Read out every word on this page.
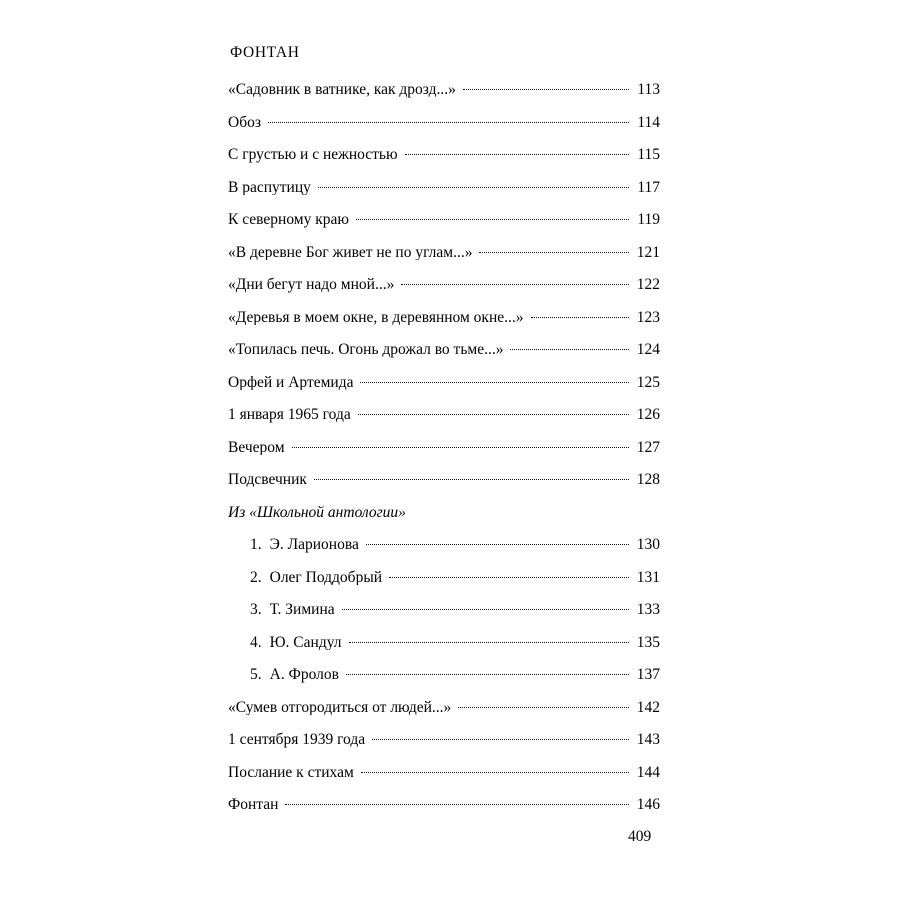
ФОНТАН
«Садовник в ватнике, как дрозд...»	113
Обоз	114
С грустью и с нежностью	115
В распутицу	117
К северному краю	119
«В деревне Бог живет не по углам...»	121
«Дни бегут надо мной...»	122
«Деревья в моем окне, в деревянном окне...»	123
«Топилась печь. Огонь дрожал во тьме...»	124
Орфей и Артемида	125
1 января 1965 года	126
Вечером	127
Подсвечник	128
Из «Школьной антологии»
1. Э. Ларионова	130
2. Олег Поддобрый	131
3. Т. Зимина	133
4. Ю. Сандул	135
5. А. Фролов	137
«Сумев отгородиться от людей...»	142
1 сентября 1939 года	143
Послание к стихам	144
Фонтан	146
409
